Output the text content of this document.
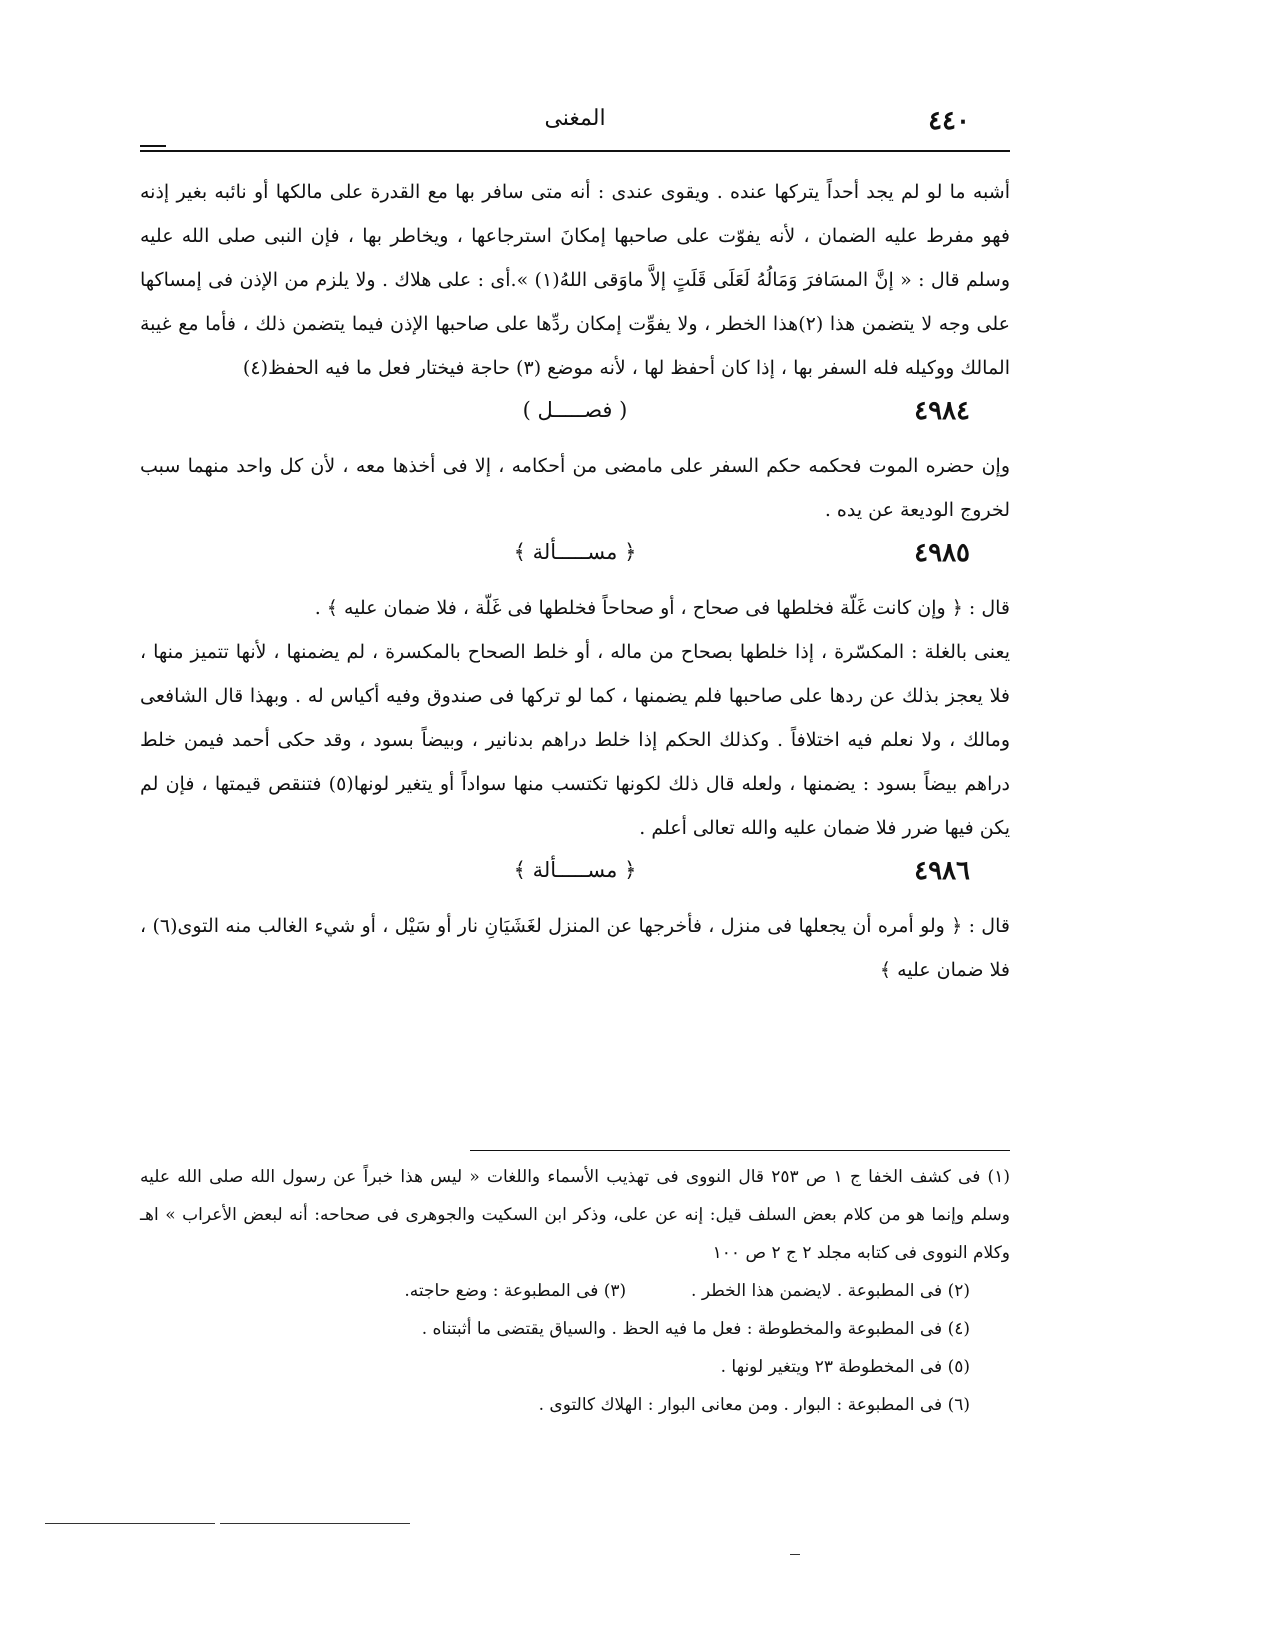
٤٤٠
المغنى

أشبه ما لو لم يجد أحداً يتركها عنده . ويقوى عندى : أنه متى سافر بها مع القدرة على مالكها أو نائبه بغير إذنه فهو مفرط عليه الضمان ، لأنه يفوّت على صاحبها إمكانَ استرجاعها ، ويخاطر بها ، فإن النبى صلى الله عليه وسلم قال : « إنَّ المسَافرَ وَمَالُهُ لَعَلَى قَلَتٍ إلاَّ ماوَقى اللهُ(١) ».أى : على هلاك . ولا يلزم من الإذن فى إمساكها على وجه لا يتضمن هذا (٢)هذا الخطر ، ولا يفوِّت إمكان ردِّها على صاحبها الإذن فيما يتضمن ذلك ، فأما مع غيبة المالك ووكيله فله السفر بها ، إذا كان أحفظ لها ، لأنه موضع (٣) حاجة فيختار فعل ما فيه الحفظ(٤)

٤٩٨٤
( فصـــــل )

وإن حضره الموت فحكمه حكم السفر على مامضى من أحكامه ، إلا فى أخذها معه ، لأن كل واحد منهما سبب لخروج الوديعة عن يده .

٤٩٨٥
﴿ مســـــألة ﴾

قال : ﴿ وإن كانت غَلّة فخلطها فى صحاح ، أو صحاحاً فخلطها فى غَلّة ، فلا ضمان عليه ﴾ .

يعنى بالغلة : المكسّرة ، إذا خلطها بصحاح من ماله ، أو خلط الصحاح بالمكسرة ، لم يضمنها ، لأنها تتميز منها ، فلا يعجز بذلك عن ردها على صاحبها فلم يضمنها ، كما لو تركها فى صندوق وفيه أكياس له . وبهذا قال الشافعى ومالك ، ولا نعلم فيه اختلافاً . وكذلك الحكم إذا خلط دراهم بدنانير ، وبيضاً بسود ، وقد حكى أحمد فيمن خلط دراهم بيضاً بسود : يضمنها ، ولعله قال ذلك لكونها تكتسب منها سواداً أو يتغير لونها(٥) فتنقص قيمتها ، فإن لم يكن فيها ضرر فلا ضمان عليه والله تعالى أعلم .

٤٩٨٦
﴿ مســـــألة ﴾

قال : ﴿ ولو أمره أن يجعلها فى منزل ، فأخرجها عن المنزل لغَشَيَانِ نار أو سَيْل ، أو شيء الغالب منه التوى(٦) ، فلا ضمان عليه ﴾

(١) فى كشف الخفا ج ١ ص ٢٥٣ قال النووى فى تهذيب الأسماء واللغات « ليس هذا خبراً عن رسول الله صلى الله عليه وسلم وإنما هو من كلام بعض السلف قيل: إنه عن على، وذكر ابن السكيت والجوهرى فى صحاحه: أنه لبعض الأعراب » اهـ وكلام النووى فى كتابه مجلد ٢ ج ٢ ص ١٠٠

(٢) فى المطبوعة . لايضمن هذا الخطر .            (٣) فى المطبوعة : وضع حاجته.

(٤) فى المطبوعة والمخطوطة : فعل ما فيه الحظ . والسياق يقتضى ما أثبتناه .

(٥) فى المخطوطة ٢٣ ويتغير لونها .

(٦) فى المطبوعة : البوار . ومن معانى البوار : الهلاك كالتوى .
